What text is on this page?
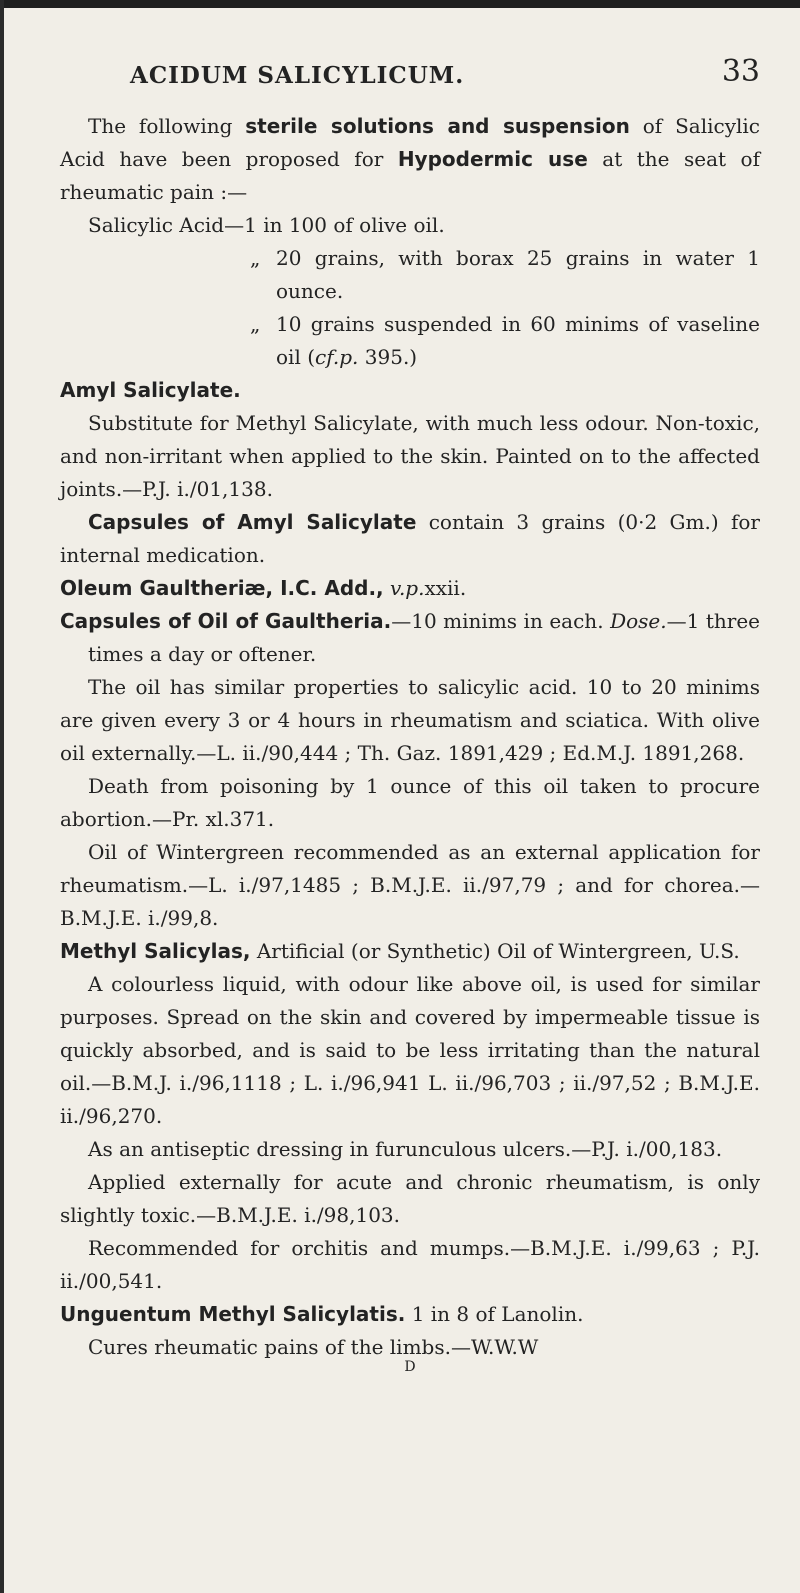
ACIDUM SALICYLICUM.	33

The following sterile solutions and suspension of Salicylic Acid have been proposed for Hypodermic use at the seat of rheumatic pain :—

Salicylic Acid—1 in 100 of olive oil.

„ 20 grains, with borax 25 grains in water 1 ounce.

„ 10 grains suspended in 60 minims of vaseline oil (cf.p. 395.)

Amyl Salicylate.

Substitute for Methyl Salicylate, with much less odour. Non-toxic, and non-irritant when applied to the skin. Painted on to the affected joints.—P.J. i./01,138.

Capsules of Amyl Salicylate contain 3 grains (0·2 Gm.) for internal medication.

Oleum Gaultheriæ, I.C. Add., v.p.xxii.

Capsules of Oil of Gaultheria.—10 minims in each. Dose.—1 three times a day or oftener.

The oil has similar properties to salicylic acid. 10 to 20 minims are given every 3 or 4 hours in rheumatism and sciatica. With olive oil externally.—L. ii./90,444 ; Th. Gaz. 1891,429 ; Ed.M.J. 1891,268.

Death from poisoning by 1 ounce of this oil taken to procure abortion.—Pr. xl.371.

Oil of Wintergreen recommended as an external application for rheumatism.—L. i./97,1485 ; B.M.J.E. ii./97,79 ; and for chorea.—B.M.J.E. i./99,8.

Methyl Salicylas, Artificial (or Synthetic) Oil of Wintergreen, U.S.

A colourless liquid, with odour like above oil, is used for similar purposes. Spread on the skin and covered by impermeable tissue is quickly absorbed, and is said to be less irritating than the natural oil.—B.M.J. i./96,1118 ; L. i./96,941 L. ii./96,703 ; ii./97,52 ; B.M.J.E. ii./96,270.

As an antiseptic dressing in furunculous ulcers.—P.J. i./00,183.

Applied externally for acute and chronic rheumatism, is only slightly toxic.—B.M.J.E. i./98,103.

Recommended for orchitis and mumps.—B.M.J.E. i./99,63 ; P.J. ii./00,541.

Unguentum Methyl Salicylatis. 1 in 8 of Lanolin.

Cures rheumatic pains of the limbs.—W.W.W

D
